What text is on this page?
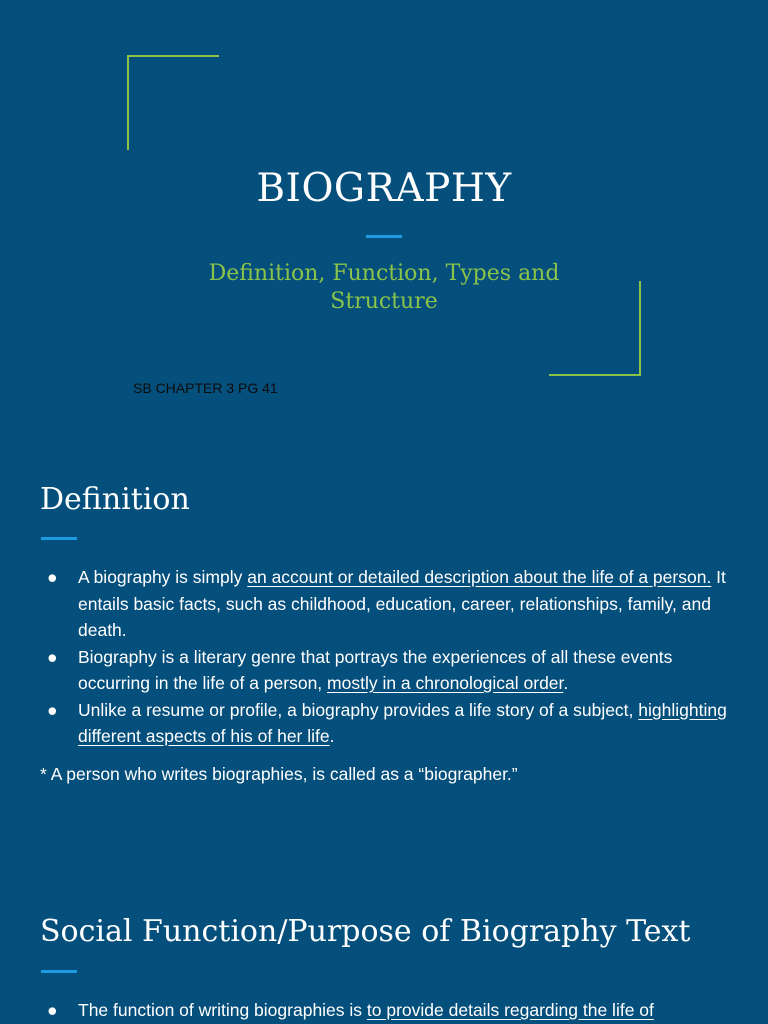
BIOGRAPHY
Definition, Function, Types and Structure
SB CHAPTER 3 PG 41
Definition
● A biography is simply an account or detailed description about the life of a person. It entails basic facts, such as childhood, education, career, relationships, family, and death.
● Biography is a literary genre that portrays the experiences of all these events occurring in the life of a person, mostly in a chronological order.
● Unlike a resume or profile, a biography provides a life story of a subject, highlighting different aspects of his of her life.
* A person who writes biographies, is called as a “biographer.”
Social Function/Purpose of Biography Text
● The function of writing biographies is to provide details regarding the life of
